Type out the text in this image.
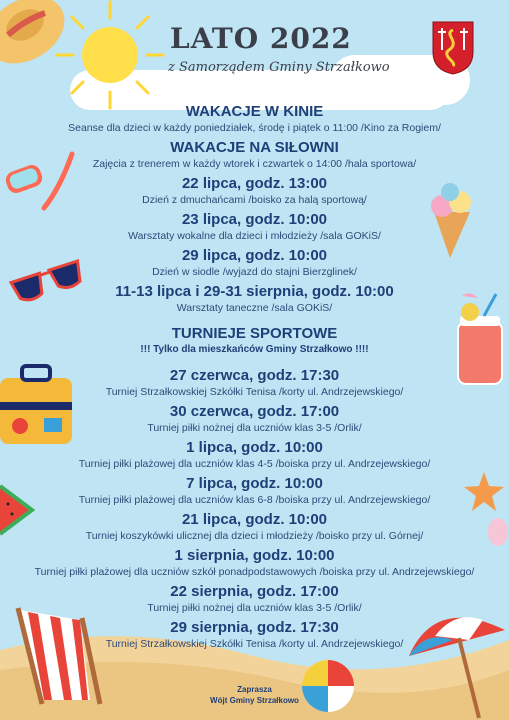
LATO 2022
z Samorządem Gminy Strzałkowo
WAKACJE W KINIE
Seanse dla dzieci w każdy poniedziałek, środę i piątek o 11:00 /Kino za Rogiem/
WAKACJE NA SIŁOWNI
Zajęcia z trenerem w każdy wtorek i czwartek o 14:00 /hala sportowa/
22 lipca, godz. 13:00
Dzień z dmuchańcami /boisko za halą sportową/
23 lipca, godz. 10:00
Warsztaty wokalne dla dzieci i młodzieży /sala GOKiS/
29 lipca, godz. 10:00
Dzień w siodle /wyjazd do stajni Bierzglinek/
11-13 lipca i 29-31 sierpnia, godz. 10:00
Warsztaty taneczne /sala GOKiS/
TURNIEJE SPORTOWE
!!! Tylko dla mieszkańców Gminy Strzałkowo !!!!
27 czerwca, godz. 17:30
Turniej Strzałkowskiej Szkółki Tenisa /korty ul. Andrzejewskiego/
30 czerwca, godz. 17:00
Turniej piłki nożnej dla uczniów klas 3-5 /Orlik/
1 lipca, godz. 10:00
Turniej piłki plażowej dla uczniów klas 4-5 /boiska przy ul. Andrzejewskiego/
7 lipca, godz. 10:00
Turniej piłki plażowej dla uczniów klas 6-8 /boiska przy ul. Andrzejewskiego/
21 lipca, godz. 10:00
Turniej koszykówki ulicznej dla dzieci i młodzieży /boisko przy ul. Górnej/
1 sierpnia, godz. 10:00
Turniej piłki plażowej dla uczniów szkół ponadpodstawowych /boiska przy ul. Andrzejewskiego/
22 sierpnia, godz. 17:00
Turniej piłki nożnej dla uczniów klas 3-5 /Orlik/
29 sierpnia, godz. 17:30
Turniej Strzałkowskiej Szkółki Tenisa /korty ul. Andrzejewskiego/
Zaprasza
Wójt Gminy Strzałkowo
